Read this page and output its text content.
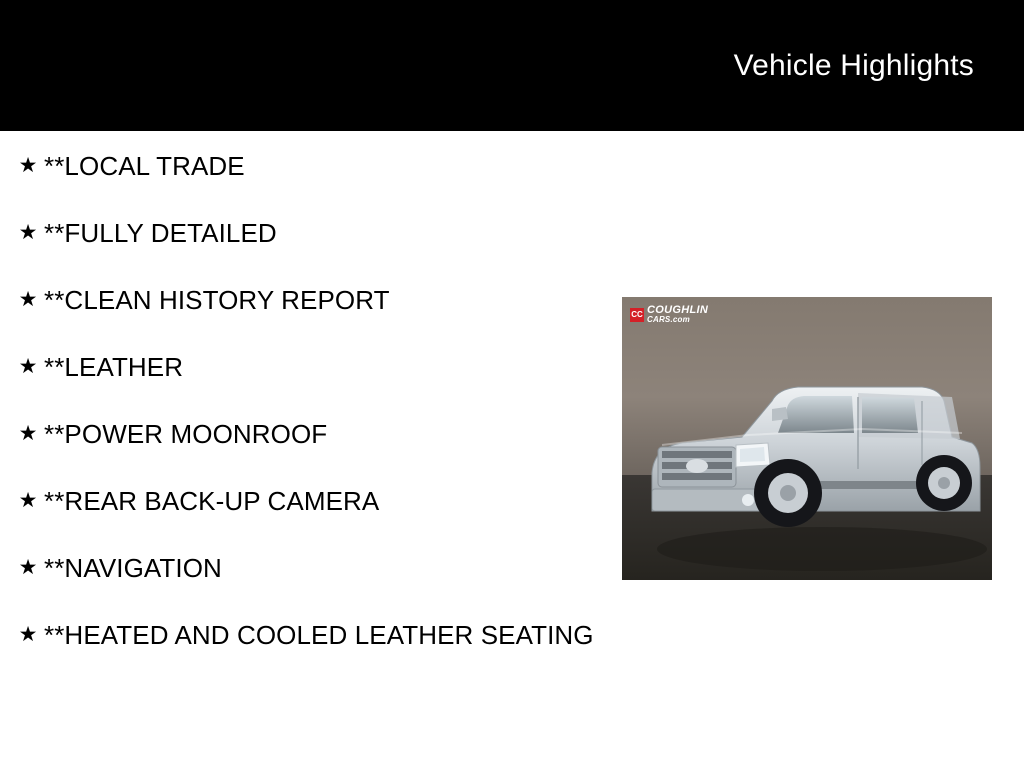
Vehicle Highlights
★ **LOCAL TRADE
★ **FULLY DETAILED
★ **CLEAN HISTORY REPORT
★ **LEATHER
★ **POWER MOONROOF
★ **REAR BACK-UP CAMERA
★ **NAVIGATION
★ **HEATED AND COOLED LEATHER SEATING
CC COUGHLIN
CARS.com
